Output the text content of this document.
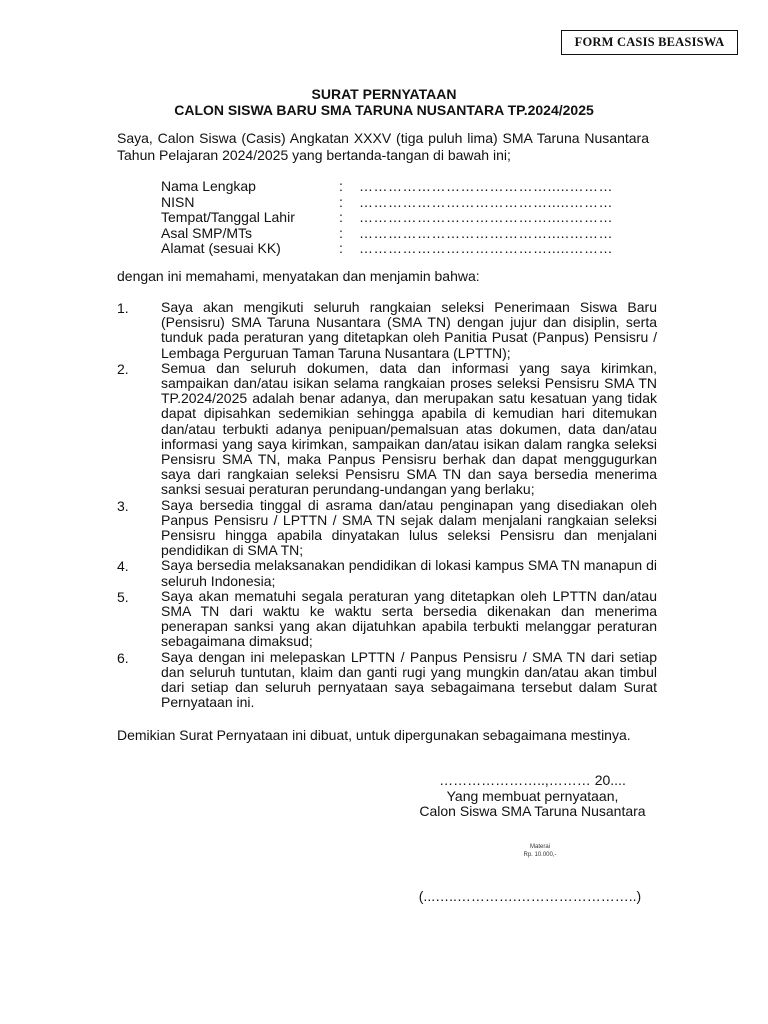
FORM CASIS BEASISWA
SURAT PERNYATAAN
CALON SISWA BARU SMA TARUNA NUSANTARA TP.2024/2025
Saya, Calon Siswa (Casis) Angkatan XXXV (tiga puluh lima) SMA Taruna Nusantara Tahun Pelajaran 2024/2025 yang bertanda-tangan di bawah ini;
Nama Lengkap	: ………………………………….....………
NISN	: ………………………………….....………
Tempat/Tanggal Lahir	: ………………………………….....………
Asal SMP/MTs	: ………………………………….....………
Alamat (sesuai KK)	: ………………………………….....………
dengan ini memahami, menyatakan dan menjamin bahwa:
1. Saya akan mengikuti seluruh rangkaian seleksi Penerimaan Siswa Baru (Pensisru) SMA Taruna Nusantara (SMA TN) dengan jujur dan disiplin, serta tunduk pada peraturan yang ditetapkan oleh Panitia Pusat (Panpus) Pensisru / Lembaga Perguruan Taman Taruna Nusantara (LPTTN);
2. Semua dan seluruh dokumen, data dan informasi yang saya kirimkan, sampaikan dan/atau isikan selama rangkaian proses seleksi Pensisru SMA TN TP.2024/2025 adalah benar adanya, dan merupakan satu kesatuan yang tidak dapat dipisahkan sedemikian sehingga apabila di kemudian hari ditemukan dan/atau terbukti adanya penipuan/pemalsuan atas dokumen, data dan/atau informasi yang saya kirimkan, sampaikan dan/atau isikan dalam rangka seleksi Pensisru SMA TN, maka Panpus Pensisru berhak dan dapat menggugurkan saya dari rangkaian seleksi Pensisru SMA TN dan saya bersedia menerima sanksi sesuai peraturan perundang-undangan yang berlaku;
3. Saya bersedia tinggal di asrama dan/atau penginapan yang disediakan oleh Panpus Pensisru / LPTTN / SMA TN sejak dalam menjalani rangkaian seleksi Pensisru hingga apabila dinyatakan lulus seleksi Pensisru dan menjalani pendidikan di SMA TN;
4. Saya bersedia melaksanakan pendidikan di lokasi kampus SMA TN manapun di seluruh Indonesia;
5. Saya akan mematuhi segala peraturan yang ditetapkan oleh LPTTN dan/atau SMA TN dari waktu ke waktu serta bersedia dikenakan dan menerima penerapan sanksi yang akan dijatuhkan apabila terbukti melanggar peraturan sebagaimana dimaksud;
6. Saya dengan ini melepaskan LPTTN / Panpus Pensisru / SMA TN dari setiap dan seluruh tuntutan, klaim dan ganti rugi yang mungkin dan/atau akan timbul dari setiap dan seluruh pernyataan saya sebagaimana tersebut dalam Surat Pernyataan ini.
Demikian Surat Pernyataan ini dibuat, untuk dipergunakan sebagaimana mestinya.
…………………..,……… 20....
Yang membuat pernyataan,
Calon Siswa SMA Taruna Nusantara
Materai
Rp. 10.000,-
(...…..………….……………………..)
